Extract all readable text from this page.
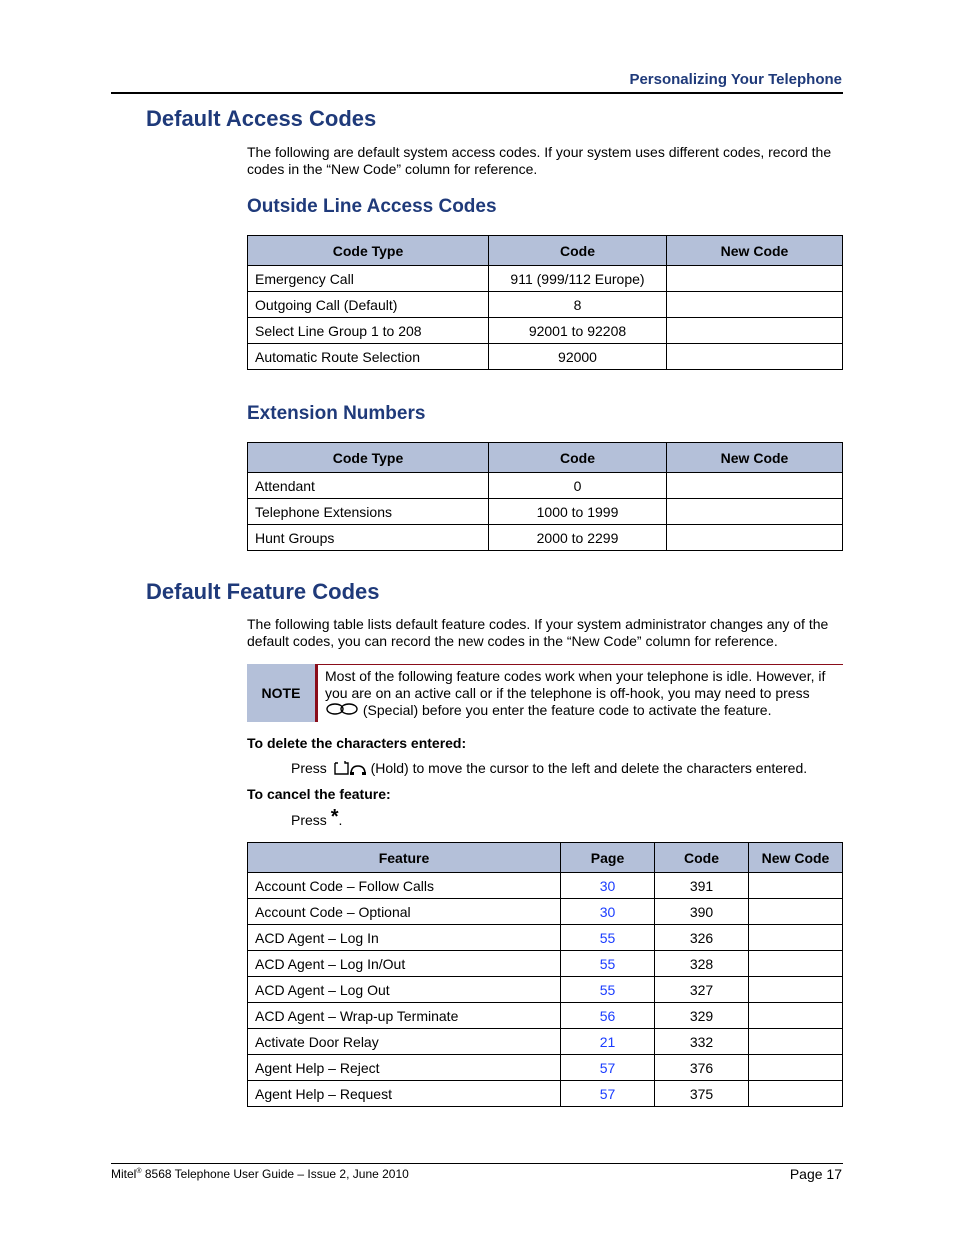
Personalizing Your Telephone
Default Access Codes

The following are default system access codes. If your system uses different codes, record the codes in the “New Code” column for reference.

Outside Line Access Codes
Code Type	Code	New Code
Emergency Call	911 (999/112 Europe)	
Outgoing Call (Default)	8	
Select Line Group 1 to 208	92001 to 92208	
Automatic Route Selection	92000	
Extension Numbers
Code Type	Code	New Code
Attendant	0	
Telephone Extensions	1000 to 1999	
Hunt Groups	2000 to 2299	
Default Feature Codes

The following table lists default feature codes. If your system administrator changes any of the default codes, you can record the new codes in the “New Code” column for reference.

NOTE
Most of the following feature codes work when your telephone is idle. However, if you are on an active call or if the telephone is off-hook, you may need to press  (Special) before you enter the feature code to activate the feature.
To delete the characters entered:
Press	(Hold) to move the cursor to the left and delete the characters entered.
To cancel the feature:
Press *.
Feature	Page	Code	New Code
Account Code – Follow Calls	30	391	
Account Code – Optional	30	390	
ACD Agent – Log In	55	326	
ACD Agent – Log In/Out	55	328	
ACD Agent – Log Out	55	327	
ACD Agent – Wrap-up Terminate	56	329	
Activate Door Relay	21	332	
Agent Help – Reject	57	376	
Agent Help – Request	57	375	
Mitel® 8568 Telephone User Guide – Issue 2, June 2010	Page 17
